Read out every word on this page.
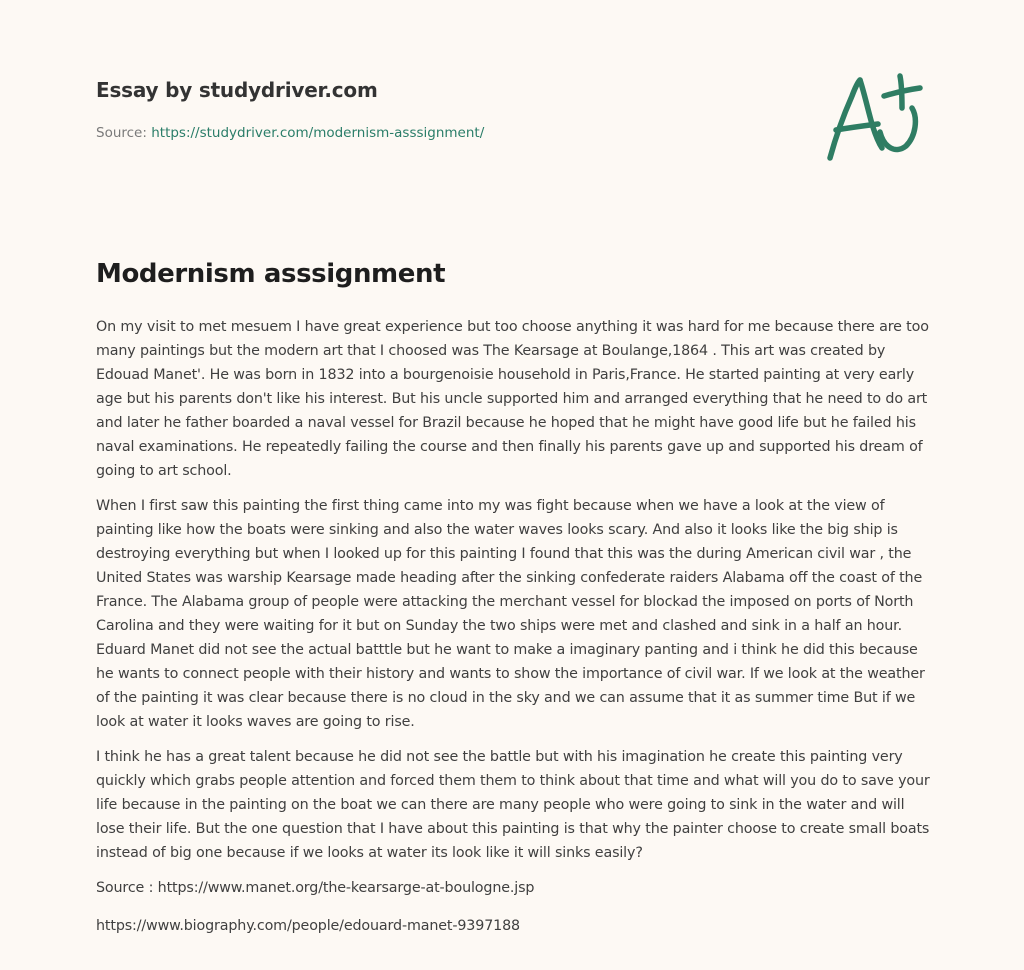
Essay by studydriver.com
Source: https://studydriver.com/modernism-asssignment/
Modernism asssignment

On my visit to met mesuem I have great experience but too choose anything it was hard for me because there are too many paintings but the modern art that I choosed was The Kearsage at Boulange,1864 . This art was created by Edouad Manet'. He was born in 1832 into a bourgenoisie household in Paris,France. He started painting at very early age but his parents don't like his interest. But his uncle supported him and arranged everything that he need to do art and later he father boarded a naval vessel for Brazil because he hoped that he might have good life but he failed his naval examinations. He repeatedly failing the course and then finally his parents gave up and supported his dream of going to art school.

When I first saw this painting the first thing came into my was fight because when we have a look at the view of painting like how the boats were sinking and also the water waves looks scary. And also it looks like the big ship is destroying everything but when I looked up for this painting I found that this was the during American civil war , the United States was warship Kearsage made heading after the sinking confederate raiders Alabama off the coast of the France. The Alabama group of people were attacking the merchant vessel for blockad the imposed on ports of North Carolina and they were waiting for it but on Sunday the two ships were met and clashed and sink in a half an hour. Eduard Manet did not see the actual batttle but he want to make a imaginary panting and i think he did this because he wants to connect people with their history and wants to show the importance of civil war. If we look at the weather of the painting it was clear because there is no cloud in the sky and we can assume that it as summer time But if we look at water it looks waves are going to rise.

I think he has a great talent because he did not see the battle but with his imagination he create this painting very quickly which grabs people attention and forced them them to think about that time and what will you do to save your life because in the painting on the boat we can there are many people who were going to sink in the water and will lose their life. But the one question that I have about this painting is that why the painter choose to create small boats instead of big one because if we looks at water its look like it will sinks easily?

Source : https://www.manet.org/the-kearsarge-at-boulogne.jsp

https://www.biography.com/people/edouard-manet-9397188
